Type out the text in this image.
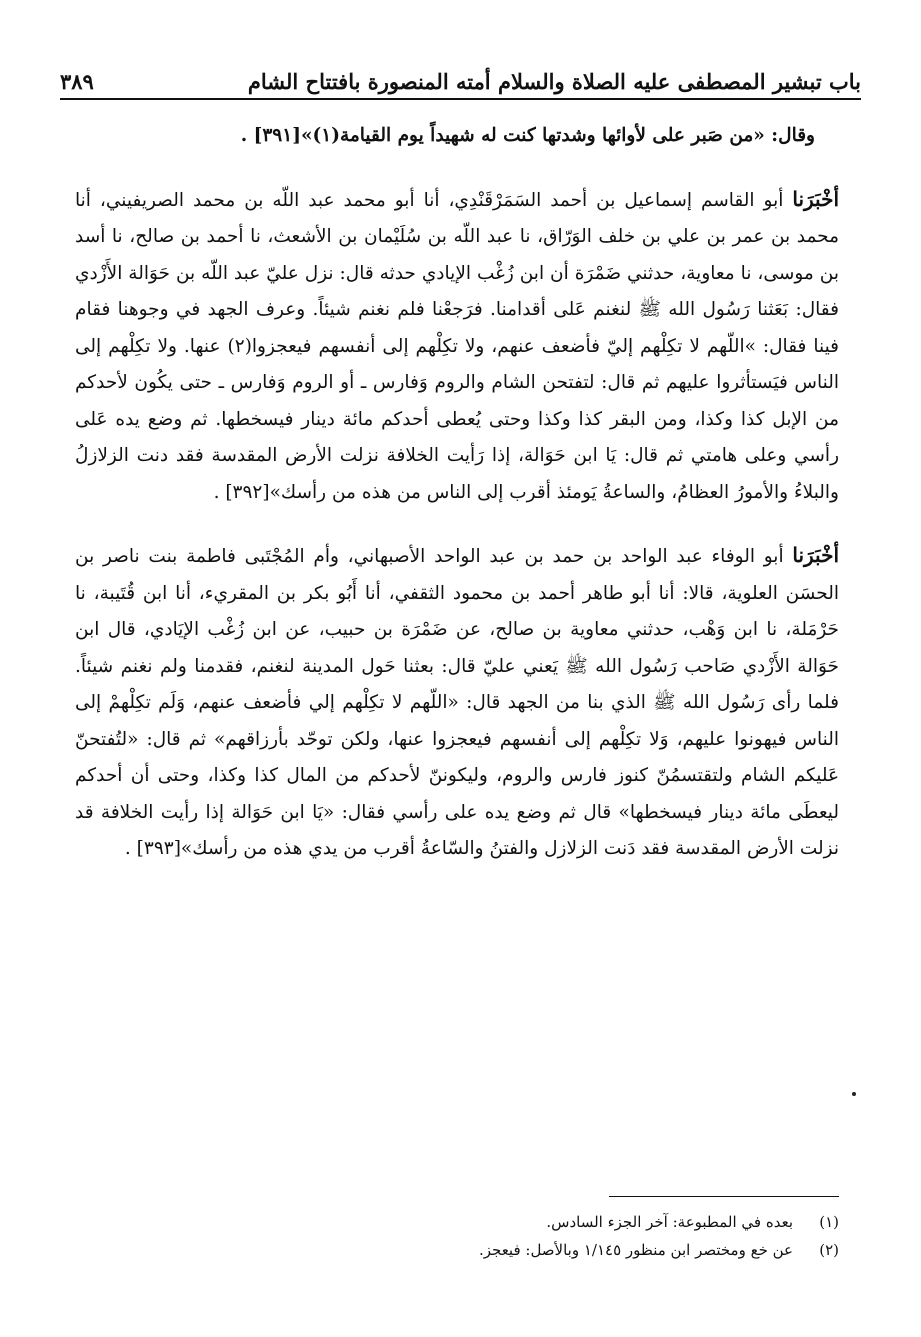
باب تبشير المصطفى عليه الصلاة والسلام أمته المنصورة بافتتاح الشام
٣٨٩

وقال: «من صَبر على لأوائها وشدتها كنت له شهيداً يوم القيامة(١)»[٣٩١] .

أخْبَرَنا أبو القاسم إسماعيل بن أحمد السَمَرْقَنْدِي، أنا أبو محمد عبد اللّه بن محمد الصريفيني، أنا محمد بن عمر بن علي بن خلف الوَرّاق، نا عبد اللّه بن سُلَيْمان بن الأشعث، نا أحمد بن صالح، نا أسد بن موسى، نا معاوية، حدثني ضَمْرَة أن ابن زُغْب الإيادي حدثه قال: نزل عليّ عبد اللّه بن حَوَالة الأَزْدي فقال: بَعَثنا رَسُول الله ﷺ لنغنم عَلى أقدامنا. فرَجعْنا فلم نغنم شيئاً. وعرف الجهد في وجوهنا فقام فينا فقال: »اللّهم لا تكِلْهم إليّ فأضعف عنهم، ولا تكِلْهم إلى أنفسهم فيعجزوا(٢) عنها. ولا تكِلْهم إلى الناس فيَستأثروا عليهم ثم قال: لتفتحن الشام والروم وَفارس ـ أو الروم وَفارس ـ حتى يكُون لأحدكم من الإبل كذا وكذا، ومن البقر كذا وكذا وحتى يُعطى أحدكم مائة دينار فيسخطها. ثم وضع يده عَلى رأسي وعلى هامتي ثم قال: يَا ابن حَوَالة، إذا رَأيت الخلافة نزلت الأرض المقدسة فقد دنت الزلازلُ والبلاءُ والأمورُ العظامُ، والساعةُ يَومئذ أقرب إلى الناس من هذه من رأسك»[٣٩٢] .

أخْبَرَنا أبو الوفاء عبد الواحد بن حمد بن عبد الواحد الأصبهاني، وأم المُجْتَبى فاطمة بنت ناصر بن الحسَن العلوية، قالا: أنا أبو طاهر أحمد بن محمود الثقفي، أنا أَبُو بكر بن المقريء، أنا ابن قُتَيبة، نا حَرْمَلة، نا ابن وَهْب، حدثني معاوية بن صالح، عن ضَمْرَة بن حبيب، عن ابن زُغْب الإيَادي، قال ابن حَوَالة الأَزْدي صَاحب رَسُول الله ﷺ يَعني عليّ قال: بعثنا حَول المدينة لنغنم، فقدمنا ولم نغنم شيئاً. فلما رأى رَسُول الله ﷺ الذي بنا من الجهد قال: «اللّهم لا تكِلْهم إلي فأضعف عنهم، وَلَم تكِلْهمْ إلى الناس فيهونوا عليهم، وَلا تكِلْهم إلى أنفسهم فيعجزوا عنها، ولكن توحّد بأرزاقهم» ثم قال: «لتُفتحنّ عَليكم الشام ولتقتسمُنّ كنوز فارس والروم، وليكوننّ لأحدكم من المال كذا وكذا، وحتى أن أحدكم ليعطَى مائة دينار فيسخطها» قال ثم وضع يده على رأسي فقال: «يَا ابن حَوَالة إذا رأيت الخلافة قد نزلت الأرض المقدسة فقد دَنت الزلازل والفتنُ والسّاعةُ أقرب من يدي هذه من رأسك»[٣٩٣] .

(١)
بعده في المطبوعة: آخر الجزء السادس.
(٢)
عن خع ومختصر ابن منظور ١/١٤٥ وبالأصل: فيعجز.
